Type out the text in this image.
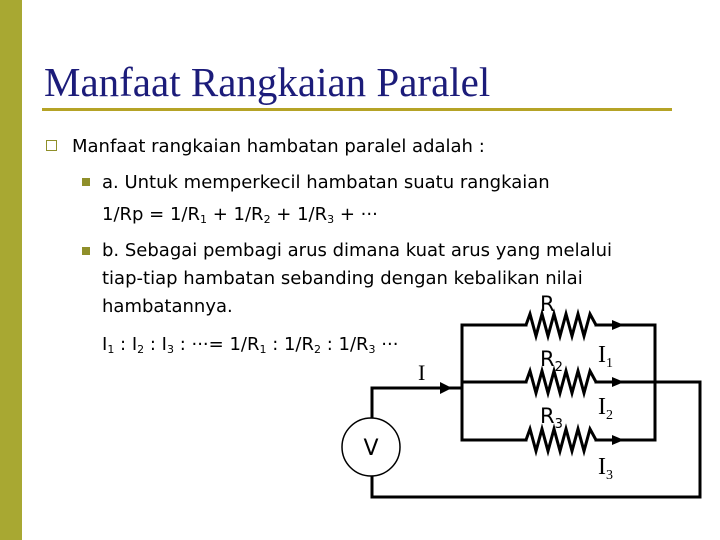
Manfaat Rangkaian Paralel
Manfaat rangkaian hambatan paralel adalah :
a. Untuk memperkecil hambatan suatu rangkaian
$1/Rp = 1/R_1 + 1/R_2 + 1/R_3$ + ···
b. Sebagai pembagi arus dimana kuat arus yang melalui
tiap-tiap hambatan sebanding dengan kebalikan nilai
hambatannya.
$I_1$ : $I_2$ : $I_3$ : ···= $1/R_1$ : $1/R_2$ : $1/R_3$ ···
V
R
$R_2$
$R_3$
I
$I_1$
$I_2$
$I_3$
